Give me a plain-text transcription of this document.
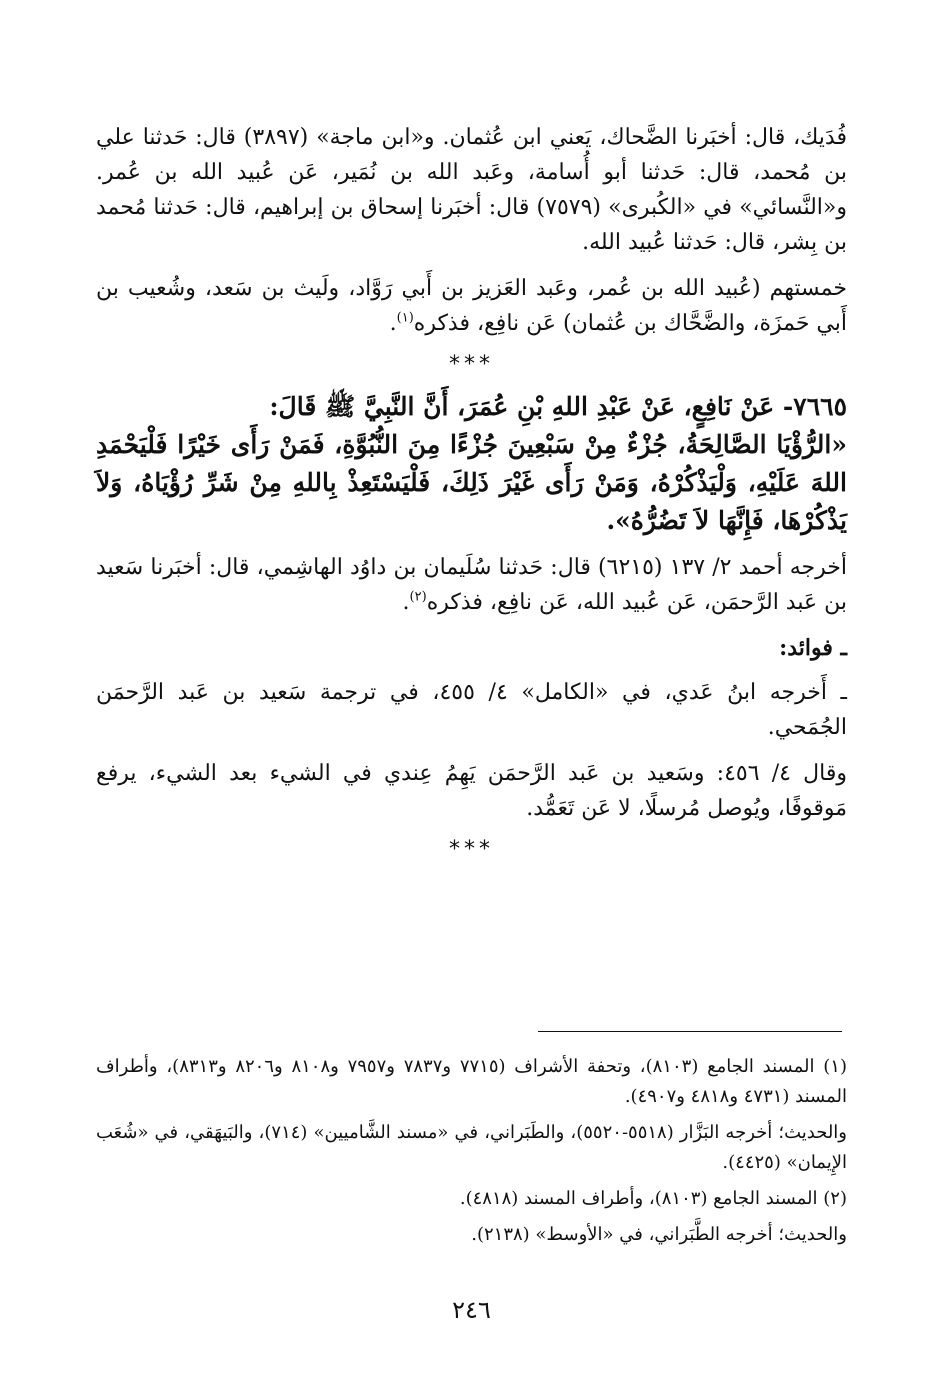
فُدَيك، قال: أخبَرنا الضَّحاك، يَعني ابن عُثمان. و«ابن ماجة» (٣٨٩٧) قال: حَدثنا علي بن مُحمد، قال: حَدثنا أبو أُسامة، وعَبد الله بن نُمَير، عَن عُبيد الله بن عُمر. و«النَّسائي» في «الكُبرى» (٧٥٧٩) قال: أخبَرنا إسحاق بن إبراهيم، قال: حَدثنا مُحمد بن بِشر، قال: حَدثنا عُبيد الله.

خمستهم (عُبيد الله بن عُمر، وعَبد العَزيز بن أَبي رَوَّاد، ولَيث بن سَعد، وشُعيب بن أَبي حَمزَة، والضَّحَّاك بن عُثمان) عَن نافِع، فذكره$^{(١)}$.

***

٧٦٦٥- عَنْ نَافِعٍ، عَنْ عَبْدِ اللهِ بْنِ عُمَرَ، أَنَّ النَّبِيَّ ﷺ قَالَ:

«الرُّؤْيَا الصَّالِحَةُ، جُزْءٌ مِنْ سَبْعِينَ جُزْءًا مِنَ النُّبُوَّةِ، فَمَنْ رَأَى خَيْرًا فَلْيَحْمَدِ اللهَ عَلَيْهِ، وَلْيَذْكُرْهُ، وَمَنْ رَأَى غَيْرَ ذَلِكَ، فَلْيَسْتَعِذْ بِاللهِ مِنْ شَرِّ رُؤْيَاهُ، وَلاَ يَذْكُرْهَا، فَإِنَّهَا لاَ تَضُرُّهُ».

أخرجه أحمد ٢/ ١٣٧ (٦٢١٥) قال: حَدثنا سُلَيمان بن داوُد الهاشِمي، قال: أخبَرنا سَعيد بن عَبد الرَّحمَن، عَن عُبيد الله، عَن نافِع، فذكره$^{(٢)}$.

ـ فوائد:

ـ أَخرجه ابنُ عَدي، في «الكامل» ٤/ ٤٥٥، في ترجمة سَعيد بن عَبد الرَّحمَن الجُمَحي.

وقال ٤/ ٤٥٦: وسَعيد بن عَبد الرَّحمَن يَهِمُ عِندي في الشيء بعد الشيء، يرفع مَوقوفًا، ويُوصل مُرسلًا، لا عَن تَعَمُّد.

***

(١) المسند الجامع (٨١٠٣)، وتحفة الأشراف (٧٧١٥ و٧٨٣٧ و٧٩٥٧ و٨١٠٨ و٨٢٠٦ و٨٣١٣)، وأطراف المسند (٤٧٣١ و٤٨١٨ و٤٩٠٧).

والحديث؛ أخرجه البَزَّار (٥٥١٨-٥٥٢٠)، والطَبَراني، في «مسند الشَّاميين» (٧١٤)، والبَيهَقي، في «شُعَب الإِيمان» (٤٤٢٥).

(٢) المسند الجامع (٨١٠٣)، وأطراف المسند (٤٨١٨).

والحديث؛ أخرجه الطَّبَراني، في «الأوسط» (٢١٣٨).

٢٤٦
